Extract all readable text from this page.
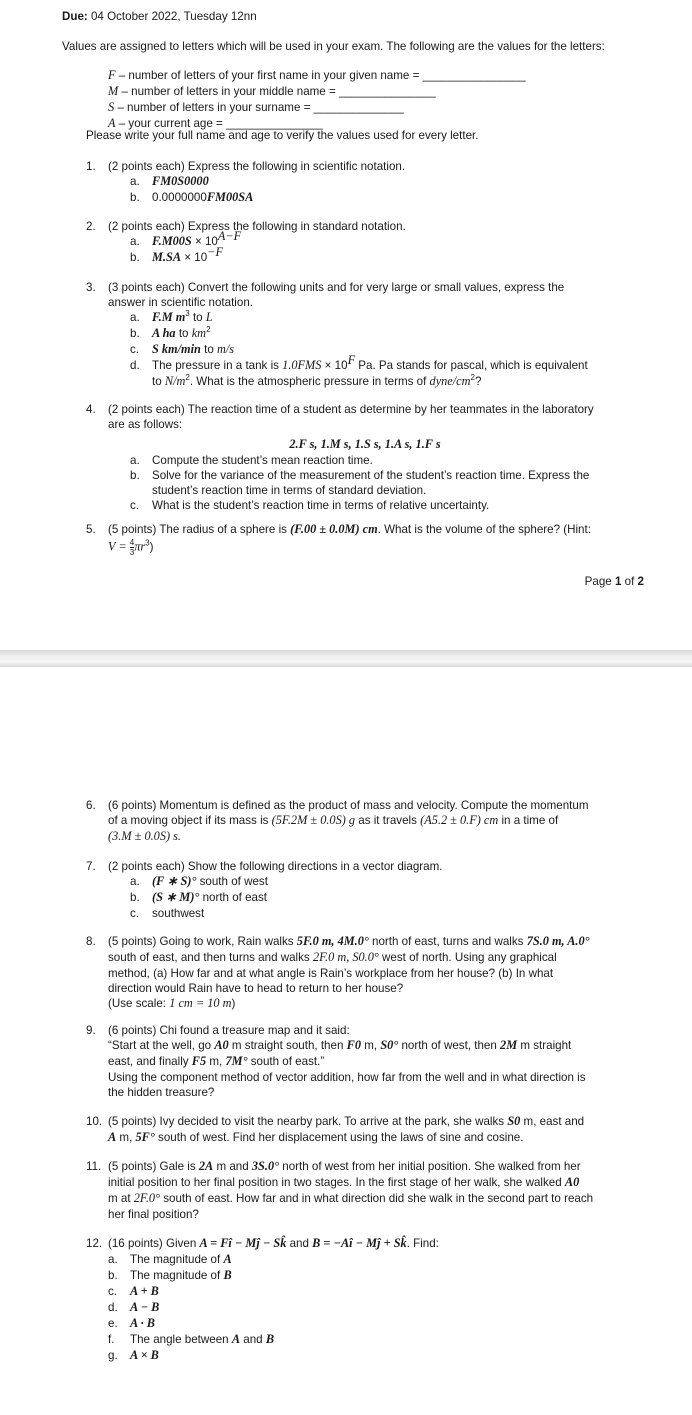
Due: 04 October 2022, Tuesday 12nn
Values are assigned to letters which will be used in your exam. The following are the values for the letters:
F – number of letters of your first name in your given name = ________________
M – number of letters in your middle name = _______________
S – number of letters in your surname = ______________
A – your current age = _______________
Please write your full name and age to verify the values used for every letter.
1. (2 points each) Express the following in scientific notation.
a. FM0S0000
b. 0.0000000FM00SA
2. (2 points each) Express the following in standard notation.
a. $F.M00S \times 10^{A-F}$
b. $M.SA \times 10^{-F}$
3. (3 points each) Convert the following units and for very large or small values, express the
answer in scientific notation.
a. F.M $m^3$ to L
b. A ha to $km^2$
c. S km/min to m/s
d. The pressure in a tank is $1.0FMS \times 10^F$ Pa. Pa stands for pascal, which is equivalent
to $N/m^2$. What is the atmospheric pressure in terms of dyne/$cm^2$?
4. (2 points each) The reaction time of a student as determine by her teammates in the laboratory
are as follows:
2.F s, 1.M s, 1.S s, 1.A s, 1.F s
a. Compute the student’s mean reaction time.
b. Solve for the variance of the measurement of the student’s reaction time. Express the
student’s reaction time in terms of standard deviation.
c. What is the student’s reaction time in terms of relative uncertainty.
5. (5 points) The radius of a sphere is (F.00 ± 0.0M) cm. What is the volume of the sphere? (Hint:
$V = \frac{4}{3} \pi r^3$)
Page 1 of 2
6. (6 points) Momentum is defined as the product of mass and velocity. Compute the momentum
of a moving object if its mass is (5F.2M ± 0.0S) g as it travels (A5.2 ± 0.F) cm in a time of
(3.M ± 0.0S) s.
7. (2 points each) Show the following directions in a vector diagram.
a. (F ∗ S)° south of west
b. (S ∗ M)° north of east
c. southwest
8. (5 points) Going to work, Rain walks 5F.0 m, 4M.0° north of east, turns and walks 7S.0 m, A.0°
south of east, and then turns and walks 2F.0 m, S0.0° west of north. Using any graphical
method, (a) How far and at what angle is Rain’s workplace from her house? (b) In what
direction would Rain have to head to return to her house?
(Use scale: 1 cm = 10 m)
9. (6 points) Chi found a treasure map and it said:
“Start at the well, go A0 m straight south, then F0 m, S0° north of west, then 2M m straight
east, and finally F5 m, 7M° south of east.”
Using the component method of vector addition, how far from the well and in what direction is
the hidden treasure?
10. (5 points) Ivy decided to visit the nearby park. To arrive at the park, she walks S0 m, east and
A m, 5F° south of west. Find her displacement using the laws of sine and cosine.
11. (5 points) Gale is 2A m and 3S.0° north of west from her initial position. She walked from her
initial position to her final position in two stages. In the first stage of her walk, she walked A0
m at 2F.0° south of east. How far and in what direction did she walk in the second part to reach
her final position?
12. (16 points) Given A = Fî − Mĵ − Sk̂ and B = −Aî − Mĵ + Sk̂. Find:
a. The magnitude of A
b. The magnitude of B
c. A + B
d. A − B
e. A · B
f. The angle between A and B
g. A × B
